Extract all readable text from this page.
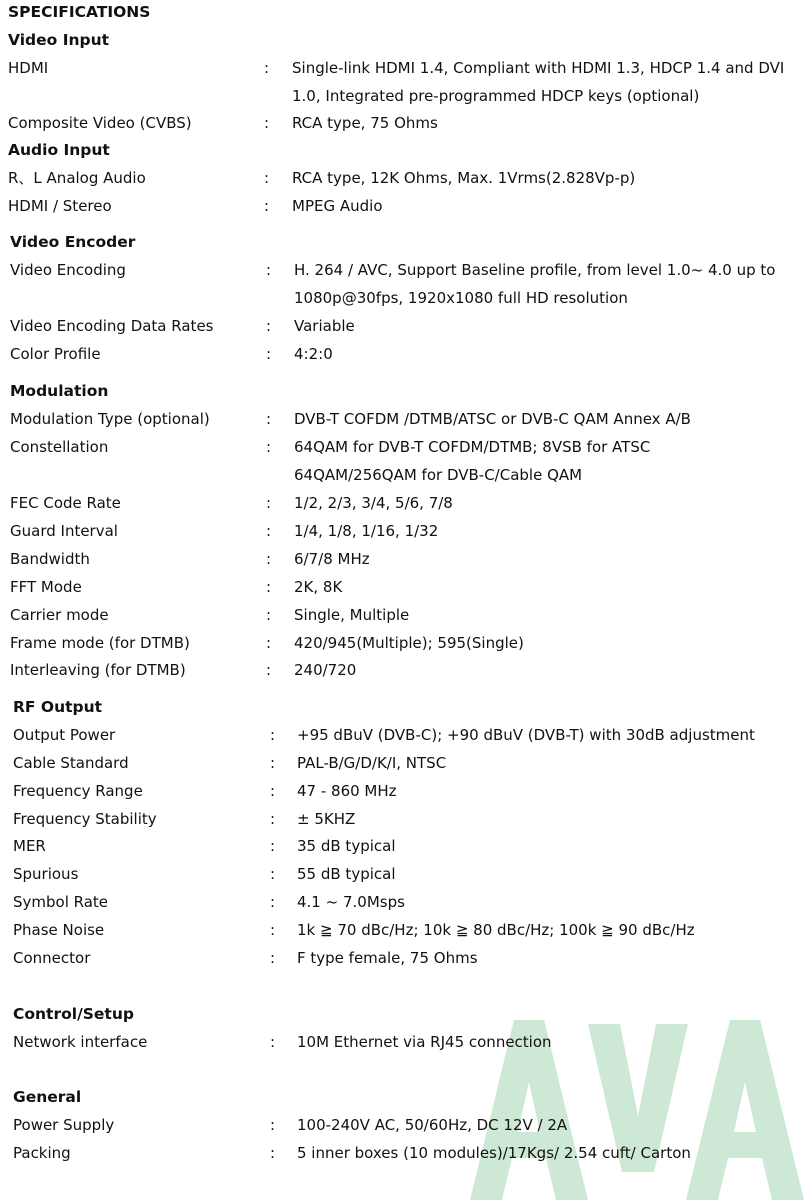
SPECIFICATIONS
Video Input
HDMI	:	Single-link HDMI 1.4, Compliant with HDMI 1.3, HDCP 1.4 and DVI
1.0, Integrated pre-programmed HDCP keys (optional)
Composite Video (CVBS)	:	RCA type, 75 Ohms
Audio Input
R、L Analog Audio	:	RCA type, 12K Ohms, Max. 1Vrms(2.828Vp-p)
HDMI / Stereo	:	MPEG Audio
Video Encoder
Video Encoding	:	H. 264 / AVC, Support Baseline profile, from level 1.0~ 4.0 up to
1080p@30fps, 1920x1080 full HD resolution
Video Encoding Data Rates	:	Variable
Color Profile	:	4:2:0
Modulation
Modulation Type (optional)	:	DVB-T COFDM /DTMB/ATSC or DVB-C QAM Annex A/B
Constellation	:	64QAM for DVB-T COFDM/DTMB; 8VSB for ATSC
64QAM/256QAM for DVB-C/Cable QAM
FEC Code Rate	:	1/2, 2/3, 3/4, 5/6, 7/8
Guard Interval	:	1/4, 1/8, 1/16, 1/32
Bandwidth	:	6/7/8 MHz
FFT Mode	:	2K, 8K
Carrier mode	:	Single, Multiple
Frame mode (for DTMB)	:	420/945(Multiple); 595(Single)
Interleaving (for DTMB)	:	240/720
RF Output
Output Power	:	+95 dBuV (DVB-C); +90 dBuV (DVB-T) with 30dB adjustment
Cable Standard	:	PAL-B/G/D/K/I, NTSC
Frequency Range	:	47 - 860 MHz
Frequency Stability	:	± 5KHZ
MER	:	35 dB typical
Spurious	:	55 dB typical
Symbol Rate	:	4.1 ~ 7.0Msps
Phase Noise	:	1k ≧ 70 dBc/Hz; 10k ≧ 80 dBc/Hz; 100k ≧ 90 dBc/Hz
Connector	:	F type female, 75 Ohms
Control/Setup
Network interface	:	10M Ethernet via RJ45 connection
General
Power Supply	:	100-240V AC, 50/60Hz, DC 12V / 2A
Packing	:	5 inner boxes (10 modules)/17Kgs/ 2.54 cuft/ Carton
